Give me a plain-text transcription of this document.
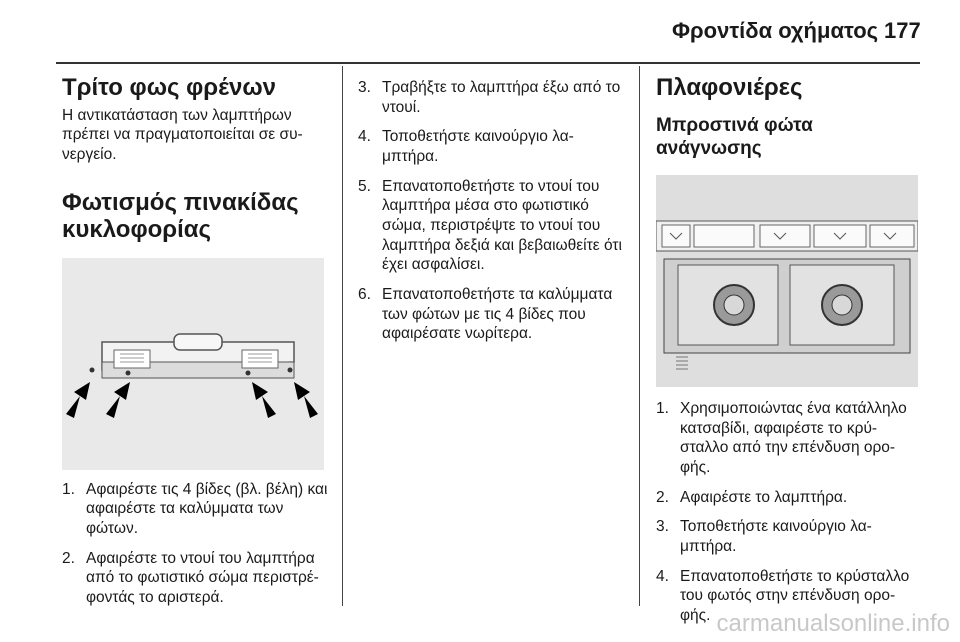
Φροντίδα οχήματος 177
Τρίτο φως φρένων

Η αντικατάσταση των λαμπτήρων πρέπει να πραγματοποιείται σε συ-νεργείο.

Φωτισμός πινακίδας κυκλοφορίας
1. Αφαιρέστε τις 4 βίδες (βλ. βέλη) και αφαιρέστε τα καλύμματα των φώτων.
2. Αφαιρέστε το ντουί του λαμπτήρα από το φωτιστικό σώμα περιστρέ-φοντάς το αριστερά.
3. Τραβήξτε το λαμπτήρα έξω από το ντουί.
4. Τοποθετήστε καινούργιο λα-μπτήρα.
5. Επανατοποθετήστε το ντουί του λαμπτήρα μέσα στο φωτιστικό σώμα, περιστρέψτε το ντουί του λαμπτήρα δεξιά και βεβαιωθείτε ότι έχει ασφαλίσει.
6. Επανατοποθετήστε τα καλύμματα των φώτων με τις 4 βίδες που αφαιρέσατε νωρίτερα.
Πλαφονιέρες
Μπροστινά φώτα ανάγνωσης
1. Χρησιμοποιώντας ένα κατάλληλο κατσαβίδι, αφαιρέστε το κρύ-σταλλο από την επένδυση ορο-φής.
2. Αφαιρέστε το λαμπτήρα.
3. Τοποθετήστε καινούργιο λα-μπτήρα.
4. Επανατοποθετήστε το κρύσταλλο του φωτός στην επένδυση ορο-φής. carmanualsonline.info
